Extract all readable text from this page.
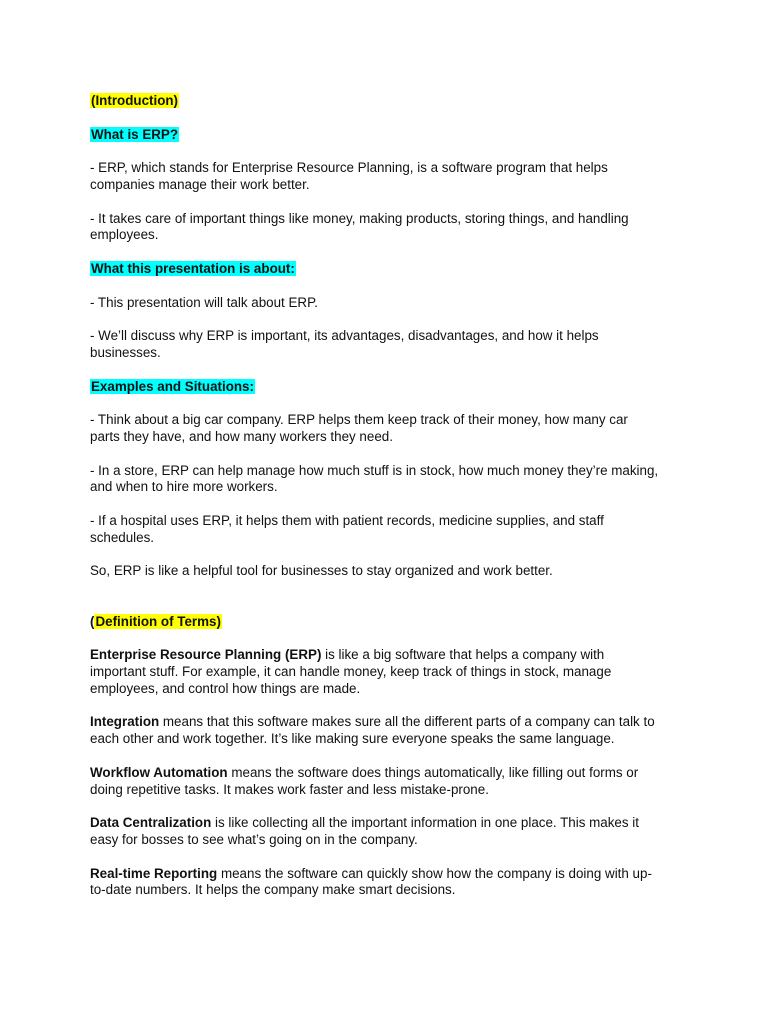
(Introduction)

What is ERP?

- ERP, which stands for Enterprise Resource Planning, is a software program that helps

companies manage their work better.

- It takes care of important things like money, making products, storing things, and handling

employees.

What this presentation is about:

- This presentation will talk about ERP.

- We’ll discuss why ERP is important, its advantages, disadvantages, and how it helps

businesses.

Examples and Situations:

- Think about a big car company. ERP helps them keep track of their money, how many car

parts they have, and how many workers they need.

- In a store, ERP can help manage how much stuff is in stock, how much money they’re making,

and when to hire more workers.

- If a hospital uses ERP, it helps them with patient records, medicine supplies, and staff

schedules.

So, ERP is like a helpful tool for businesses to stay organized and work better.

(Definition of Terms)

Enterprise Resource Planning (ERP) is like a big software that helps a company with

important stuff. For example, it can handle money, keep track of things in stock, manage

employees, and control how things are made.

Integration means that this software makes sure all the different parts of a company can talk to

each other and work together. It’s like making sure everyone speaks the same language.

Workflow Automation means the software does things automatically, like filling out forms or

doing repetitive tasks. It makes work faster and less mistake-prone.

Data Centralization is like collecting all the important information in one place. This makes it

easy for bosses to see what’s going on in the company.

Real-time Reporting means the software can quickly show how the company is doing with up-

to-date numbers. It helps the company make smart decisions.
